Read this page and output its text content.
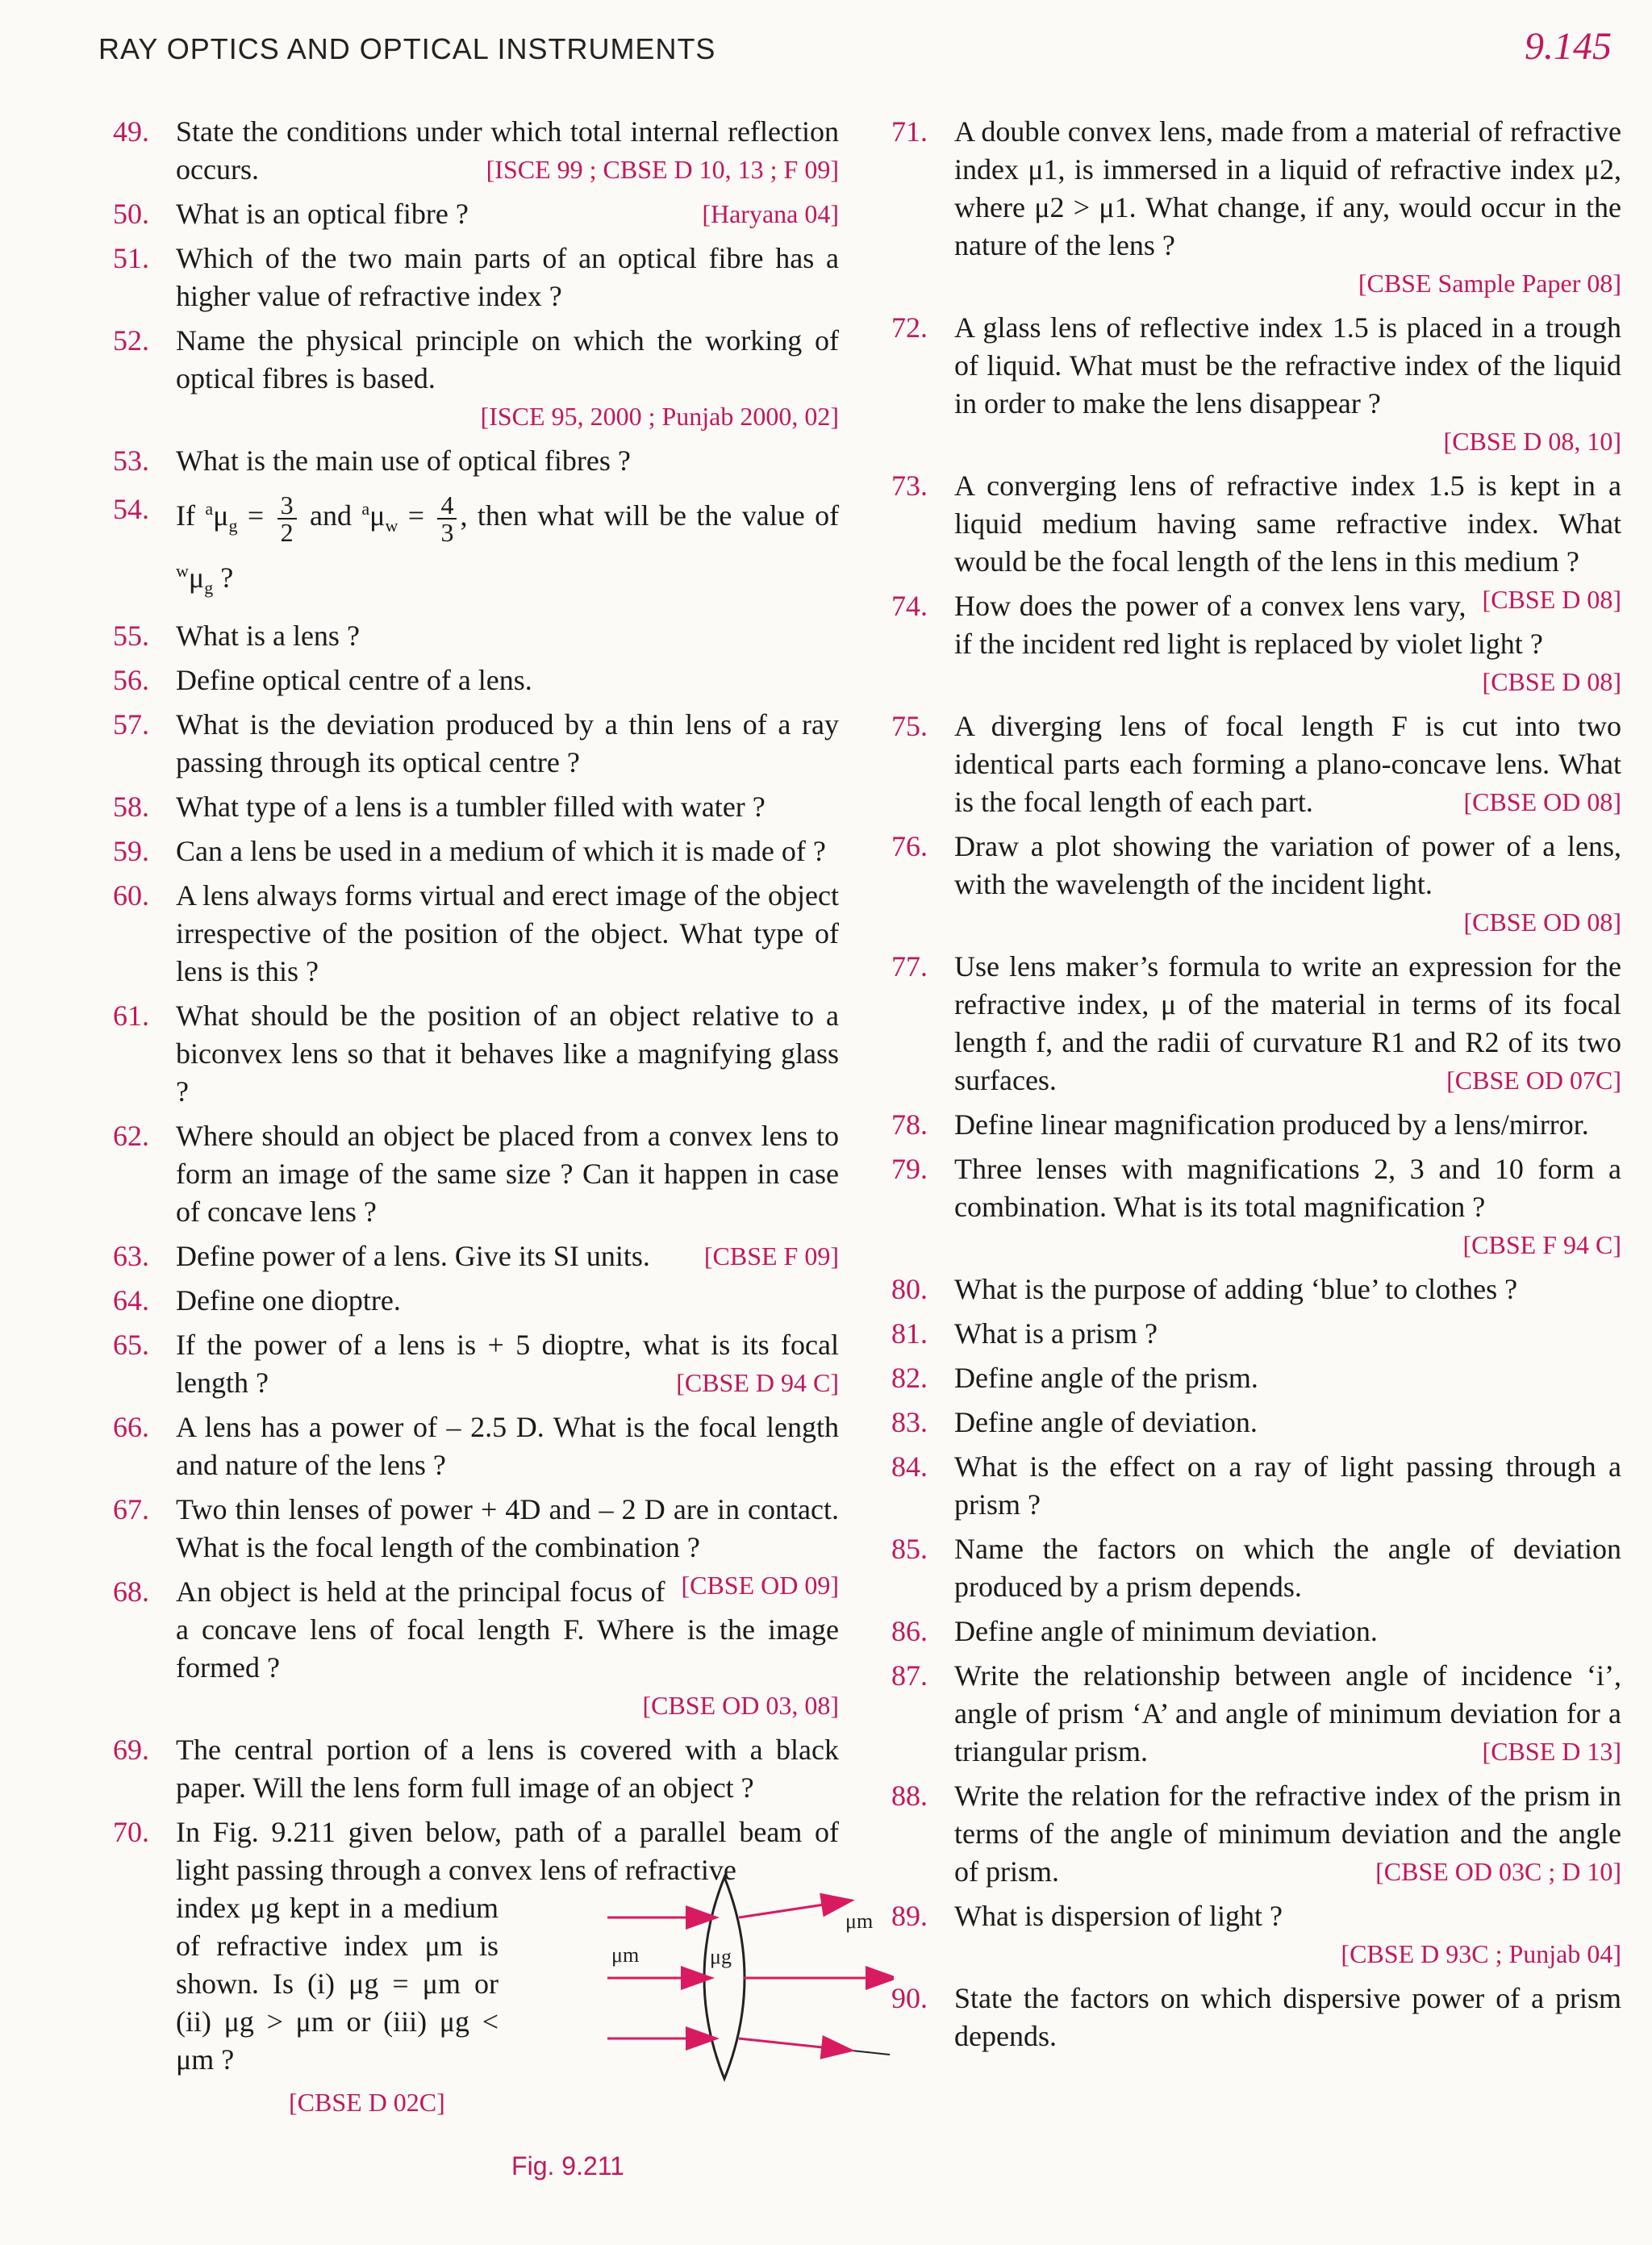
RAY OPTICS AND OPTICAL INSTRUMENTS	9.145
49. State the conditions under which total internal reflection occurs.	[ISCE 99 ; CBSE D 10, 13 ; F 09]
50. What is an optical fibre ?	[Haryana 04]
51. Which of the two main parts of an optical fibre has a higher value of refractive index ?
52. Name the physical principle on which the working of optical fibres is based.
[ISCE 95, 2000 ; Punjab 2000, 02]
53. What is the main use of optical fibres ?
54. If $^a\mu_g = \frac{3}{2}$ and $^a\mu_w = \frac{4}{3}$ , then what will be the value of $^w\mu_g$ ?
55. What is a lens ?
56. Define optical centre of a lens.
57. What is the deviation produced by a thin lens of a ray passing through its optical centre ?
58. What type of a lens is a tumbler filled with water ?
59. Can a lens be used in a medium of which it is made of ?
60. A lens always forms virtual and erect image of the object irrespective of the position of the object. What type of lens is this ?
61. What should be the position of an object relative to a biconvex lens so that it behaves like a magnifying glass ?
62. Where should an object be placed from a convex lens to form an image of the same size ? Can it happen in case of concave lens ?
63. Define power of a lens. Give its SI units. [CBSE F 09]
64. Define one dioptre.
65. If the power of a lens is + 5 dioptre, what is its focal length ?	[CBSE D 94 C]
66. A lens has a power of – 2.5 D. What is the focal length and nature of the lens ?
67. Two thin lenses of power + 4D and – 2 D are in contact. What is the focal length of the combination ?
[CBSE OD 09]
68. An object is held at the principal focus of a concave lens of focal length F. Where is the image formed ?
[CBSE OD 03, 08]
69. The central portion of a lens is covered with a black paper. Will the lens form full image of an object ?
70. In Fig. 9.211 given below, path of a parallel beam of light passing through a convex lens of refractive
index μg kept in a medium of refractive index μm is shown. Is (i) μg = μm or (ii) μg > μm or (iii) μg < μm ?
[CBSE D 02C]
μm
μm	μg
Fig. 9.211
71. A double convex lens, made from a material of refractive index μ1, is immersed in a liquid of refractive index μ2, where μ2 > μ1. What change, if any, would occur in the nature of the lens ?
[CBSE Sample Paper 08]
72. A glass lens of reflective index 1.5 is placed in a trough of liquid. What must be the refractive index of the liquid in order to make the lens disappear ?
[CBSE D 08, 10]
73. A converging lens of refractive index 1.5 is kept in a liquid medium having same refractive index. What would be the focal length of the lens in this medium ?
[CBSE D 08]
74. How does the power of a convex lens vary, if the incident red light is replaced by violet light ?
[CBSE D 08]
75. A diverging lens of focal length F is cut into two identical parts each forming a plano-concave lens. What is the focal length of each part.	[CBSE OD 08]
76. Draw a plot showing the variation of power of a lens, with the wavelength of the incident light.
[CBSE OD 08]
77. Use lens maker’s formula to write an expression for the refractive index, μ of the material in terms of its focal length f, and the radii of curvature R1 and R2 of its two surfaces.	[CBSE OD 07C]
78. Define linear magnification produced by a lens/mirror.
79. Three lenses with magnifications 2, 3 and 10 form a combination. What is its total magnification ?
[CBSE F 94 C]
80. What is the purpose of adding ‘blue’ to clothes ?
81. What is a prism ?
82. Define angle of the prism.
83. Define angle of deviation.
84. What is the effect on a ray of light passing through a prism ?
85. Name the factors on which the angle of deviation produced by a prism depends.
86. Define angle of minimum deviation.
87. Write the relationship between angle of incidence ‘i’, angle of prism ‘A’ and angle of minimum deviation for a triangular prism.	[CBSE D 13]
88. Write the relation for the refractive index of the prism in terms of the angle of minimum deviation and the angle of prism.	[CBSE OD 03C ; D 10]
89. What is dispersion of light ?
[CBSE D 93C ; Punjab 04]
90. State the factors on which dispersive power of a prism depends.
